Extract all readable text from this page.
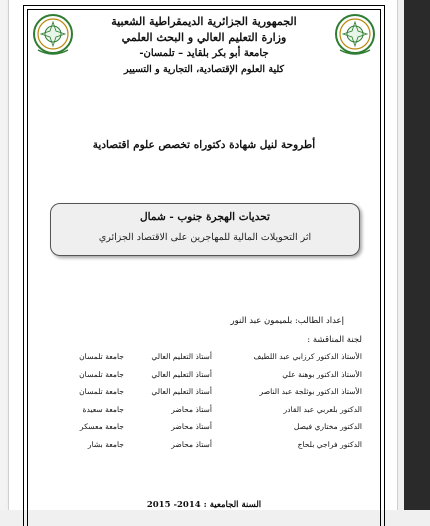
الجمهورية الجزائرية الديمقراطية الشعبية
وزارة التعليم العالي و البحث العلمي
جامعة أبو بكر بلقايد – تلمسان-
كلية العلوم الإقتصادية، التجارية و التسيير
أطروحة لنيل شهادة دكتوراه تخصص علوم اقتصادية
تحديات الهجرة جنوب - شمال
اثر التحويلات المالية للمهاجرين على الاقتصاد الجزائري
إعداد الطالب: بلميمون عبد النور
لجنة المناقشة :
الأستاذ الدكتور كرزابي عبد اللطيف
أستاذ التعليم العالي
جامعة تلمسان
الأستاذ الدكتور بوهنة علي
أستاذ التعليم العالي
جامعة تلمسان
الأستاذ الدكتور بوثلجة عبد الناصر
أستاذ التعليم العالي
جامعة تلمسان
الدكتور بلعربي عبد القادر
أستاذ محاضر
جامعة سعيدة
الدكتور مختاري فيصل
أستاذ محاضر
جامعة معسكر
الدكتور فراجي بلحاج
أستاذ محاضر
جامعة بشار
السنة الجامعية : 2014- 2015
